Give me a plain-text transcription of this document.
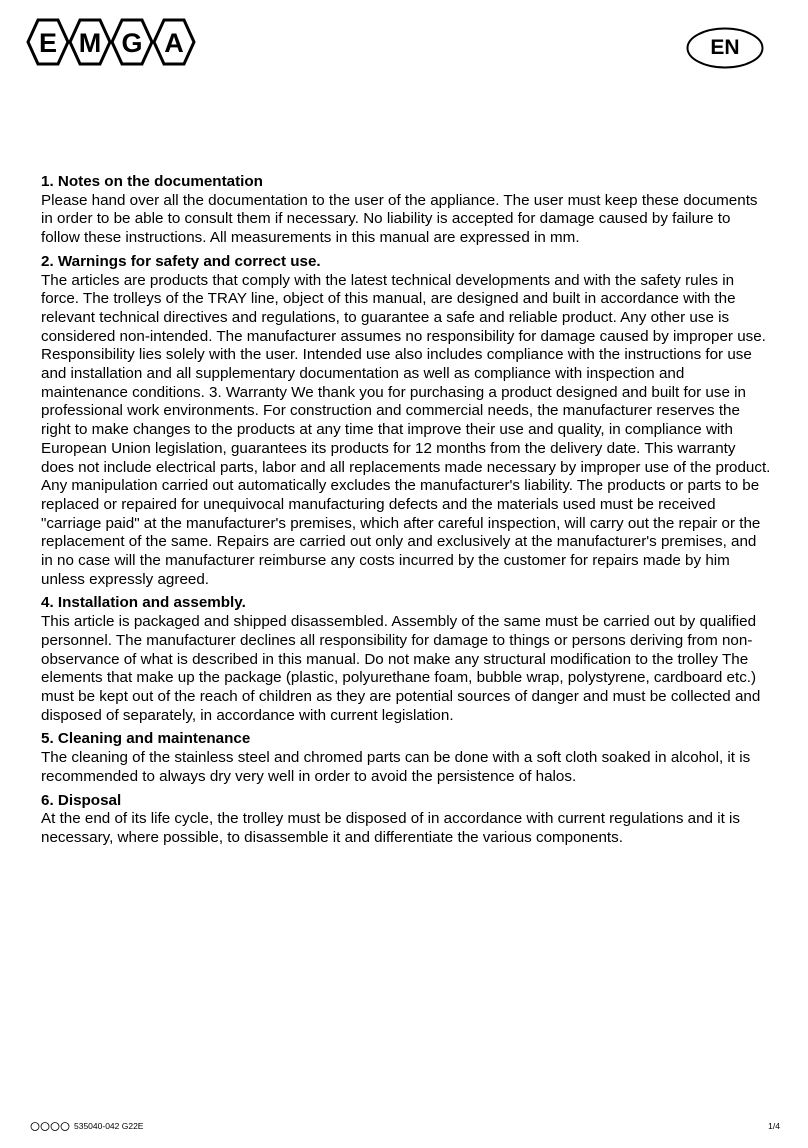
E M G A	EN
1. Notes on the documentation

Please hand over all the documentation to the user of the appliance. The user must keep these documents in order to be able to consult them if necessary. No liability is accepted for damage caused by failure to follow these instructions. All measurements in this manual are expressed in mm.

2. Warnings for safety and correct use.

The articles are products that comply with the latest technical developments and with the safety rules in force. The trolleys of the TRAY line, object of this manual, are designed and built in accordance with the relevant technical directives and regulations, to guarantee a safe and reliable product. Any other use is considered non-intended. The manufacturer assumes no responsibility for damage caused by improper use. Responsibility lies solely with the user. Intended use also includes compliance with the instructions for use and installation and all supplementary documentation as well as compliance with inspection and maintenance conditions. 3. Warranty We thank you for purchasing a product designed and built for use in professional work environments. For construction and commercial needs, the manufacturer reserves the right to make changes to the products at any time that improve their use and quality, in compliance with European Union legislation, guarantees its products for 12 months from the delivery date. This warranty does not include electrical parts, labor and all replacements made necessary by improper use of the product. Any manipulation carried out automatically excludes the manufacturer's liability. The products or parts to be replaced or repaired for unequivocal manufacturing defects and the materials used must be received "carriage paid" at the manufacturer's premises, which after careful inspection, will carry out the repair or the replacement of the same. Repairs are carried out only and exclusively at the manufacturer's premises, and in no case will the manufacturer reimburse any costs incurred by the customer for repairs made by him unless expressly agreed.

4. Installation and assembly.

This article is packaged and shipped disassembled. Assembly of the same must be carried out by qualified personnel. The manufacturer declines all responsibility for damage to things or persons deriving from non-observance of what is described in this manual. Do not make any structural modification to the trolley The elements that make up the package (plastic, polyurethane foam, bubble wrap, polystyrene, cardboard etc.) must be kept out of the reach of children as they are potential sources of danger and must be collected and disposed of separately, in accordance with current legislation.

5. Cleaning and maintenance

The cleaning of the stainless steel and chromed parts can be done with a soft cloth soaked in alcohol, it is recommended to always dry very well in order to avoid the persistence of halos.

6. Disposal

At the end of its life cycle, the trolley must be disposed of in accordance with current regulations and it is necessary, where possible, to disassemble it and differentiate the various components.

535040-042 G22E	1/4
